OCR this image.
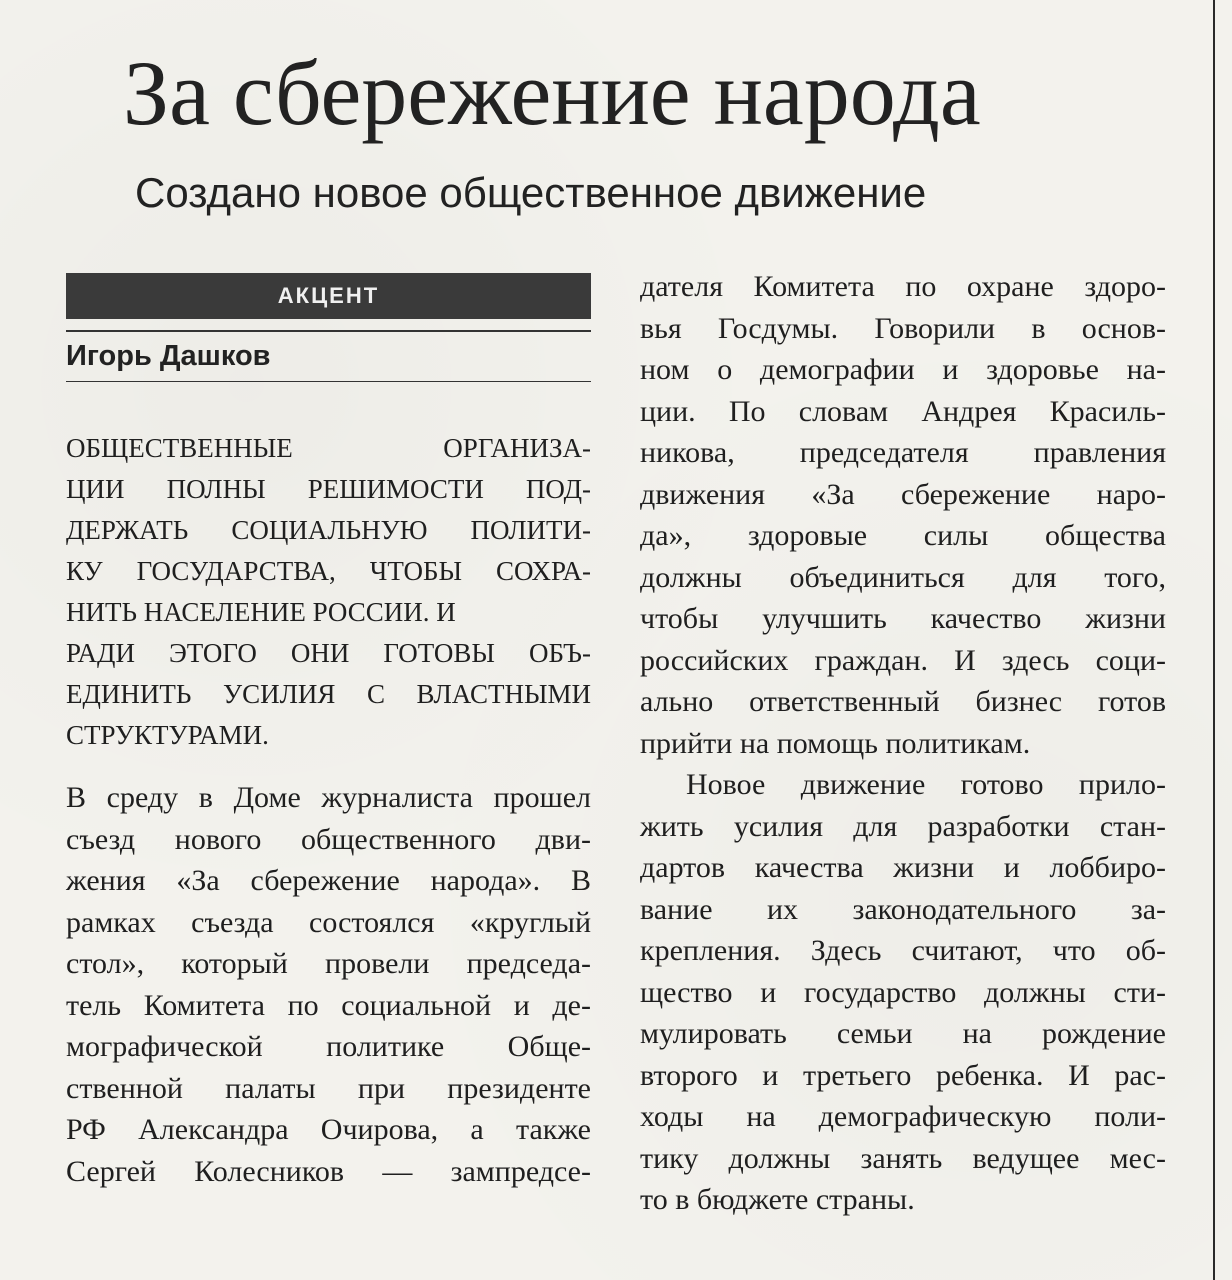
За сбережение народа
Создано новое общественное движение
АКЦЕНТ
Игорь Дашков
ОБЩЕСТВЕННЫЕ ОРГАНИЗА-
ЦИИ ПОЛНЫ РЕШИМОСТИ ПОД-
ДЕРЖАТЬ СОЦИАЛЬНУЮ ПОЛИТИ-
КУ ГОСУДАРСТВА, ЧТОБЫ СОХРА-
НИТЬ НАСЕЛЕНИЕ РОССИИ. И
РАДИ ЭТОГО ОНИ ГОТОВЫ ОБЪ-
ЕДИНИТЬ УСИЛИЯ С ВЛАСТНЫМИ
СТРУКТУРАМИ.
В среду в Доме журналиста прошел
съезд нового общественного дви-
жения «За сбережение народа». В
рамках съезда состоялся «круглый
стол», который провели председа-
тель Комитета по социальной и де-
мографической политике Обще-
ственной палаты при президенте
РФ Александра Очирова, а также
Сергей Колесников — зампредсе-
дателя Комитета по охране здоро-
вья Госдумы. Говорили в основ-
ном о демографии и здоровье на-
ции. По словам Андрея Красиль-
никова, председателя правления
движения «За сбережение наро-
да», здоровые силы общества
должны объединиться для того,
чтобы улучшить качество жизни
российских граждан. И здесь соци-
ально ответственный бизнес готов
прийти на помощь политикам.
Новое движение готово прило-
жить усилия для разработки стан-
дартов качества жизни и лоббиро-
вание их законодательного за-
крепления. Здесь считают, что об-
щество и государство должны сти-
мулировать семьи на рождение
второго и третьего ребенка. И рас-
ходы на демографическую поли-
тику должны занять ведущее мес-
то в бюджете страны.
